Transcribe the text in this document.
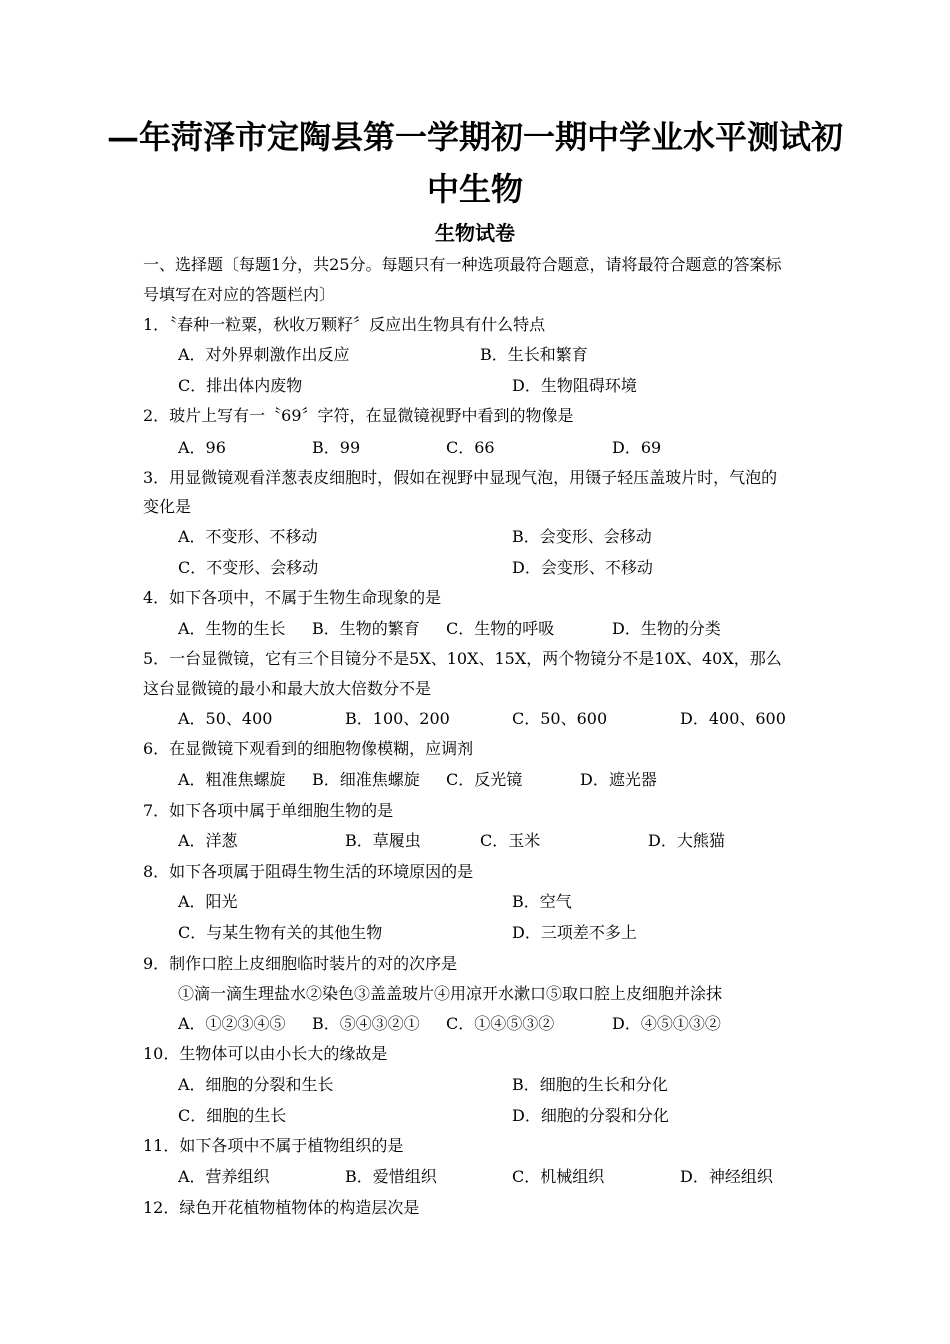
—年菏泽市定陶县第一学期初一期中学业水平测试初
中生物
生物试卷
一、选择题〔每题1分，共25分。每题只有一种选项最符合题意，请将最符合题意的答案标
号填写在对应的答题栏内〕
1．〝春种一粒粟，秋收万颗籽〞反应出生物具有什么特点
A．对外界刺激作出反应	B．生长和繁育
C．排出体内废物	D．生物阻碍环境
2．玻片上写有一〝69〞字符，在显微镜视野中看到的物像是
A．96	B．99	C．66	D．69
3．用显微镜观看洋葱表皮细胞时，假如在视野中显现气泡，用镊子轻压盖玻片时，气泡的
变化是
A．不变形、不移动	B．会变形、会移动
C．不变形、会移动	D．会变形、不移动
4．如下各项中，不属于生物生命现象的是
A．生物的生长 B．生物的繁育 C．生物的呼吸	D．生物的分类
5．一台显微镜，它有三个目镜分不是5X、10X、15X，两个物镜分不是10X、40X，那么
这台显微镜的最小和最大放大倍数分不是
A．50、400	B．100、200	C．50、600	D．400、600
6．在显微镜下观看到的细胞物像模糊，应调剂
A．粗准焦螺旋 B．细准焦螺旋 C．反光镜	D．遮光器
7．如下各项中属于单细胞生物的是
A．洋葱	B．草履虫	C．玉米	D．大熊猫
8．如下各项属于阻碍生物生活的环境原因的是
A．阳光	B．空气
C．与某生物有关的其他生物	D．三项差不多上
9．制作口腔上皮细胞临时装片的对的次序是
①滴一滴生理盐水②染色③盖盖玻片④用凉开水漱口⑤取口腔上皮细胞并涂抹
A．①②③④⑤ B．⑤④③②① C．①④⑤③②	D．④⑤①③②
10．生物体可以由小长大的缘故是
A．细胞的分裂和生长	B．细胞的生长和分化
C．细胞的生长	D．细胞的分裂和分化
11．如下各项中不属于植物组织的是
A．营养组织	B．爱惜组织	C．机械组织	D．神经组织
12．绿色开花植物植物体的构造层次是
